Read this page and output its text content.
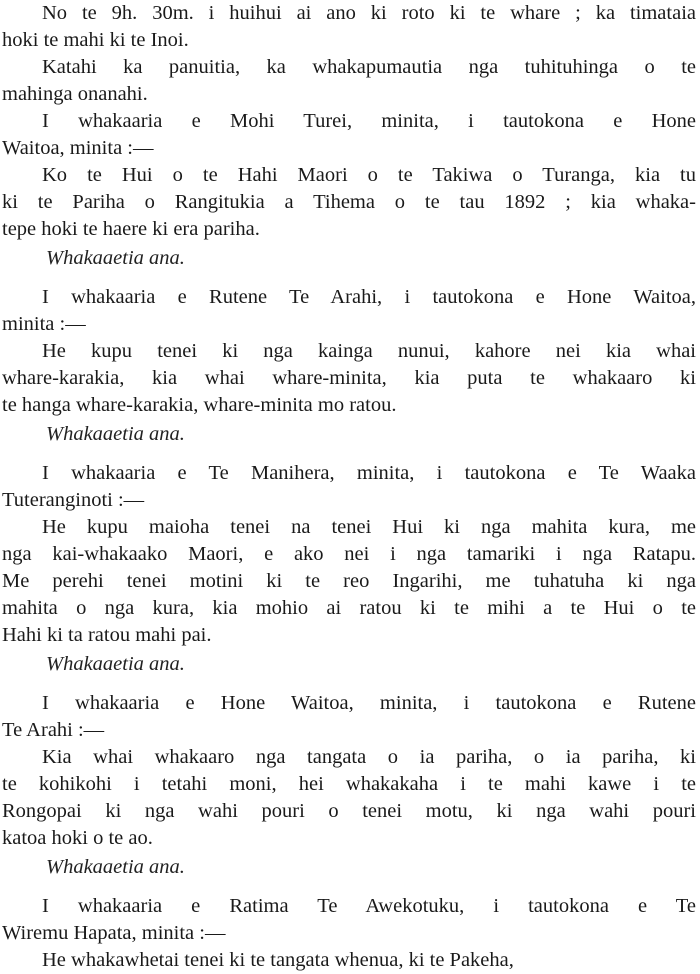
No te 9h. 30m. i huihui ai ano ki roto ki te whare ; ka timataia
hoki te mahi ki te Inoi.
Katahi ka panuitia, ka whakapumautia nga tuhituhinga o te
mahinga onanahi.
I whakaaria e Mohi Turei, minita, i tautokona e Hone
Waitoa, minita :—
Ko te Hui o te Hahi Maori o te Takiwa o Turanga, kia tu
ki te Pariha o Rangitukia a Tihema o te tau 1892 ; kia whaka-
tepe hoki te haere ki era pariha.

Whakaaetia ana.

I whakaaria e Rutene Te Arahi, i tautokona e Hone Waitoa,
minita :—
He kupu tenei ki nga kainga nunui, kahore nei kia whai
whare-karakia, kia whai whare-minita, kia puta te whakaaro ki
te hanga whare-karakia, whare-minita mo ratou.

Whakaaetia ana.

I whakaaria e Te Manihera, minita, i tautokona e Te Waaka
Tuteranginoti :—
He kupu maioha tenei na tenei Hui ki nga mahita kura, me
nga kai-whakaako Maori, e ako nei i nga tamariki i nga Ratapu.
Me perehi tenei motini ki te reo Ingarihi, me tuhatuha ki nga
mahita o nga kura, kia mohio ai ratou ki te mihi a te Hui o te
Hahi ki ta ratou mahi pai.

Whakaaetia ana.

I whakaaria e Hone Waitoa, minita, i tautokona e Rutene
Te Arahi :—
Kia whai whakaaro nga tangata o ia pariha, o ia pariha, ki
te kohikohi i tetahi moni, hei whakakaha i te mahi kawe i te
Rongopai ki nga wahi pouri o tenei motu, ki nga wahi pouri
katoa hoki o te ao.

Whakaaetia ana.

I whakaaria e Ratima Te Awekotuku, i tautokona e Te
Wiremu Hapata, minita :—
He whakawhetai tenei ki te tangata whenua, ki te Pakeha,
